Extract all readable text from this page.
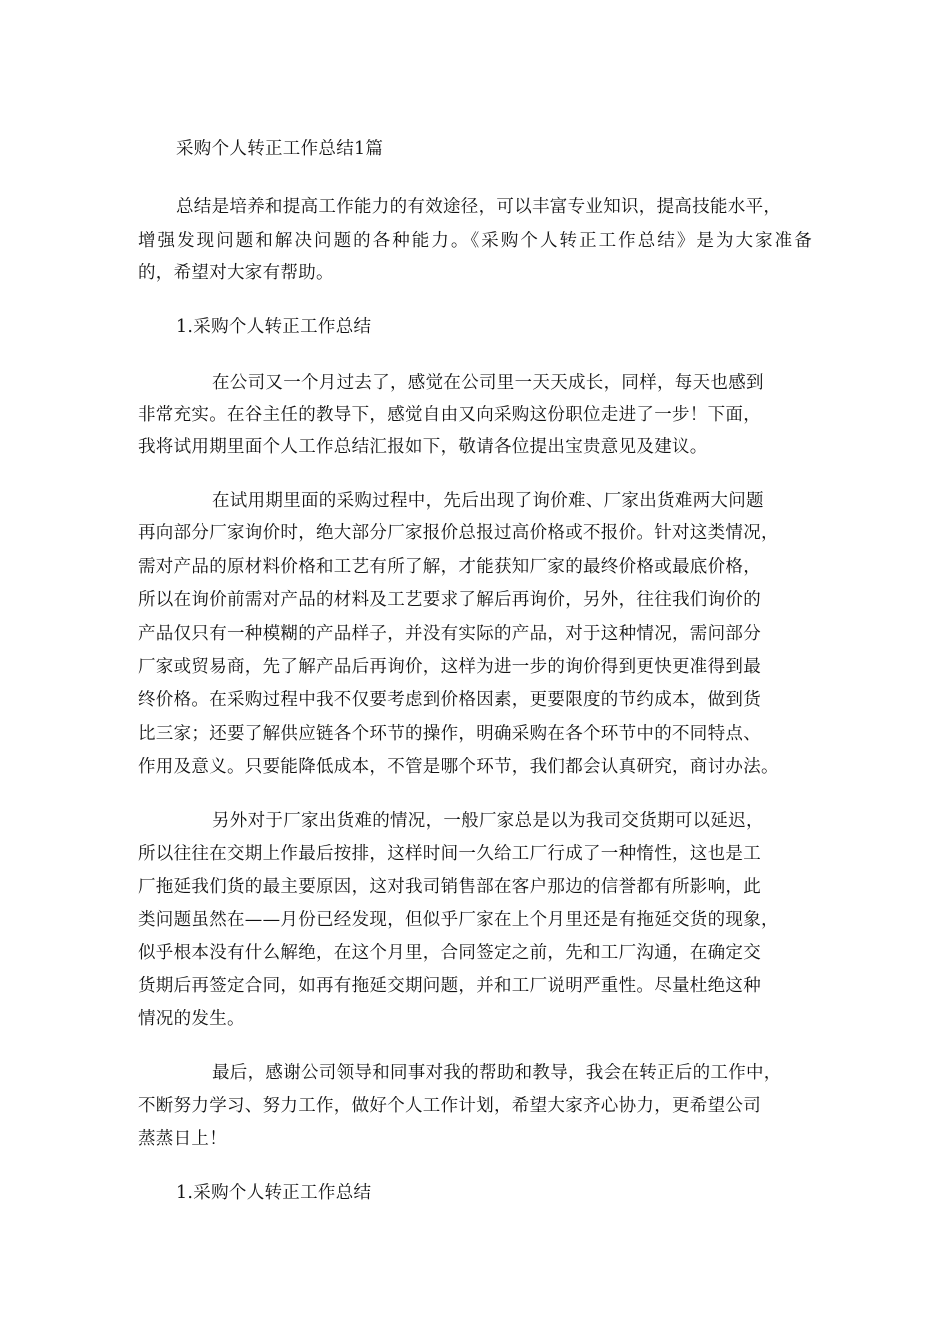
采购个人转正工作总结1篇
总结是培养和提高工作能力的有效途径，可以丰富专业知识，提高技能水平，
增强发现问题和解决问题的各种能力。《采购个人转正工作总结》是为大家准备
的，希望对大家有帮助。
1.采购个人转正工作总结
在公司又一个月过去了，感觉在公司里一天天成长，同样，每天也感到
非常充实。在谷主任的教导下，感觉自由又向采购这份职位走进了一步！下面，
我将试用期里面个人工作总结汇报如下，敬请各位提出宝贵意见及建议。
在试用期里面的采购过程中，先后出现了询价难、厂家出货难两大问题
再向部分厂家询价时，绝大部分厂家报价总报过高价格或不报价。针对这类情况，
需对产品的原材料价格和工艺有所了解，才能获知厂家的最终价格或最底价格，
所以在询价前需对产品的材料及工艺要求了解后再询价，另外，往往我们询价的
产品仅只有一种模糊的产品样子，并没有实际的产品，对于这种情况，需问部分
厂家或贸易商，先了解产品后再询价，这样为进一步的询价得到更快更准得到最
终价格。在采购过程中我不仅要考虑到价格因素，更要限度的节约成本，做到货
比三家；还要了解供应链各个环节的操作，明确采购在各个环节中的不同特点、
作用及意义。只要能降低成本，不管是哪个环节，我们都会认真研究，商讨办法。
另外对于厂家出货难的情况，一般厂家总是以为我司交货期可以延迟，
所以往往在交期上作最后按排，这样时间一久给工厂行成了一种惰性，这也是工
厂拖延我们货的最主要原因，这对我司销售部在客户那边的信誉都有所影响，此
类问题虽然在——月份已经发现，但似乎厂家在上个月里还是有拖延交货的现象，
似乎根本没有什么解绝，在这个月里，合同签定之前，先和工厂沟通，在确定交
货期后再签定合同，如再有拖延交期问题，并和工厂说明严重性。尽量杜绝这种
情况的发生。
最后，感谢公司领导和同事对我的帮助和教导，我会在转正后的工作中，
不断努力学习、努力工作，做好个人工作计划，希望大家齐心协力，更希望公司
蒸蒸日上！
1.采购个人转正工作总结
